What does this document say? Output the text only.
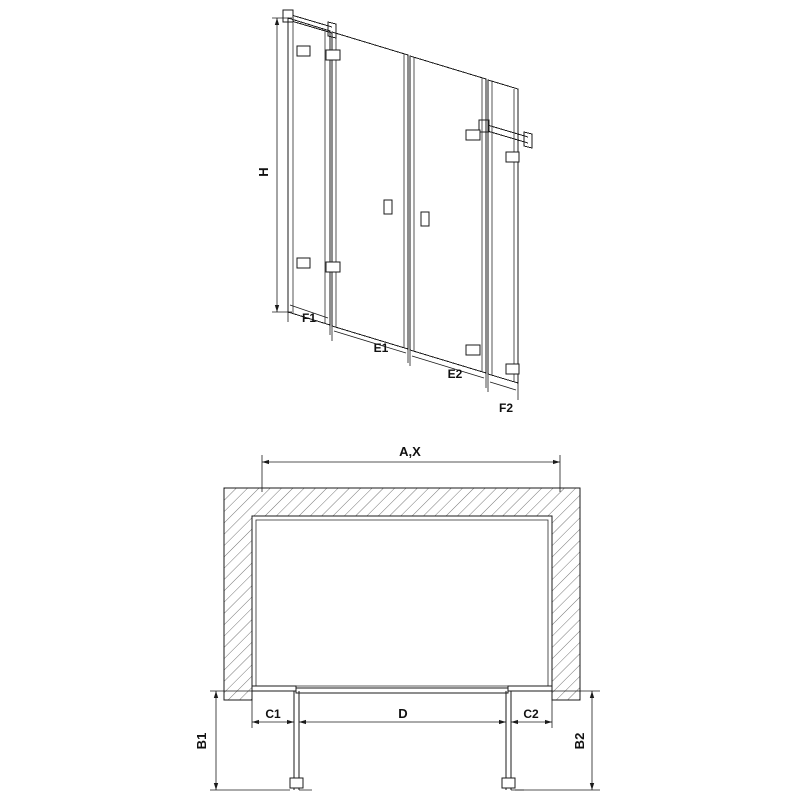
H
F1
E1
E2
F2
A,X
B1	B2
C1	D	C2
